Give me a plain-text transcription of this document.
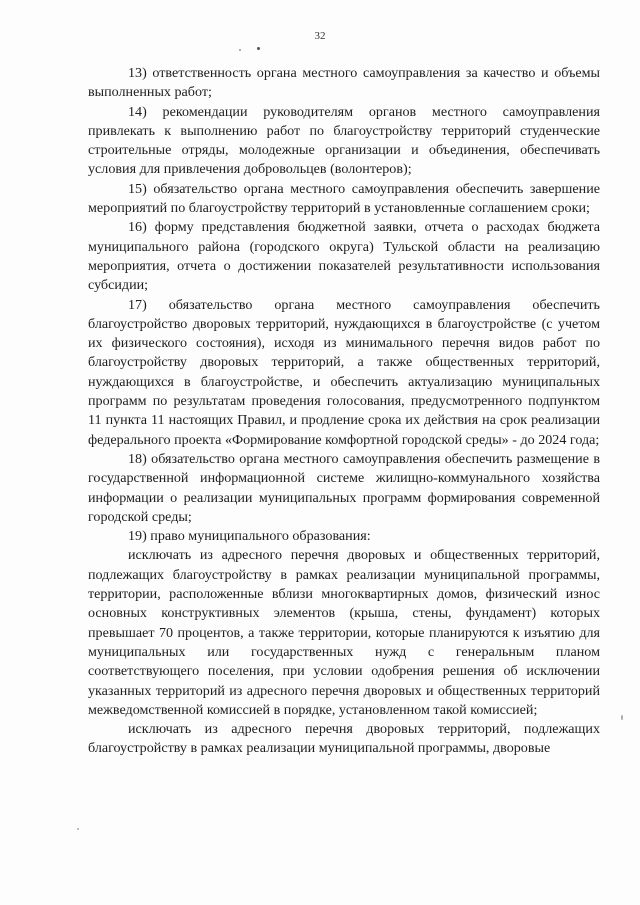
32

13) ответственность органа местного самоуправления за качество и объемы выполненных работ;

14) рекомендации руководителям органов местного самоуправления привлекать к выполнению работ по благоустройству территорий студенческие строительные отряды, молодежные организации и объединения, обеспечивать условия для привлечения добровольцев (волонтеров);

15) обязательство органа местного самоуправления обеспечить завершение мероприятий по благоустройству территорий в установленные соглашением сроки;

16) форму представления бюджетной заявки, отчета о расходах бюджета муниципального района (городского округа) Тульской области на реализацию мероприятия, отчета о достижении показателей результативности использования субсидии;

17) обязательство органа местного самоуправления обеспечить благоустройство дворовых территорий, нуждающихся в благоустройстве (с учетом их физического состояния), исходя из минимального перечня видов работ по благоустройству дворовых территорий, а также общественных территорий, нуждающихся в благоустройстве, и обеспечить актуализацию муниципальных программ по результатам проведения голосования, предусмотренного подпунктом 11 пункта 11 настоящих Правил, и продление срока их действия на срок реализации федерального проекта «Формирование комфортной городской среды» - до 2024 года;

18) обязательство органа местного самоуправления обеспечить размещение в государственной информационной системе жилищно-коммунального хозяйства информации о реализации муниципальных программ формирования современной городской среды;

19) право муниципального образования:

исключать из адресного перечня дворовых и общественных территорий, подлежащих благоустройству в рамках реализации муниципальной программы, территории, расположенные вблизи многоквартирных домов, физический износ основных конструктивных элементов (крыша, стены, фундамент) которых превышает 70 процентов, а также территории, которые планируются к изъятию для муниципальных или государственных нужд с генеральным планом соответствующего поселения, при условии одобрения решения об исключении указанных территорий из адресного перечня дворовых и общественных территорий межведомственной комиссией в порядке, установленном такой комиссией;

исключать из адресного перечня дворовых территорий, подлежащих благоустройству в рамках реализации муниципальной программы, дворовые
